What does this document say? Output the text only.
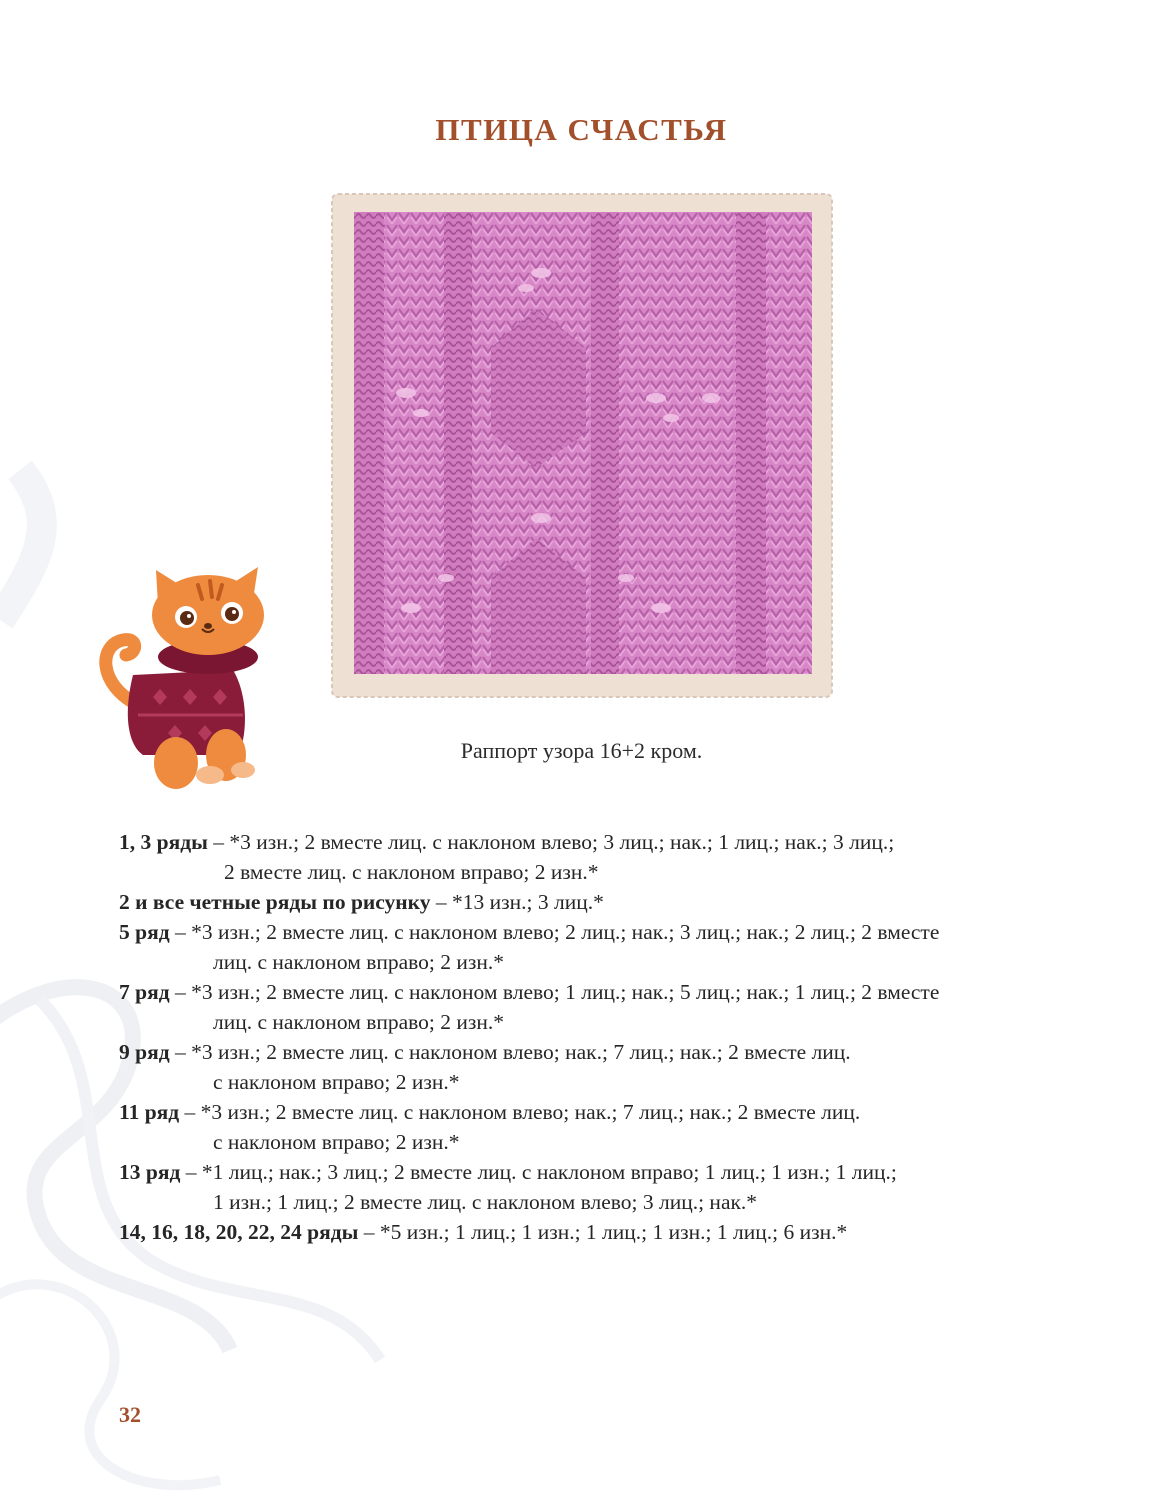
ПТИЦА СЧАСТЬЯ
Раппорт узора 16+2 кром.
1, 3 ряды – *3 изн.; 2 вместе лиц. с наклоном влево; 3 лиц.; нак.; 1 лиц.; нак.; 3 лиц.;
2 вместе лиц. с наклоном вправо; 2 изн.*
2 и все четные ряды по рисунку – *13 изн.; 3 лиц.*
5 ряд – *3 изн.; 2 вместе лиц. с наклоном влево; 2 лиц.; нак.; 3 лиц.; нак.; 2 лиц.; 2 вместе
лиц. с наклоном вправо; 2 изн.*
7 ряд – *3 изн.; 2 вместе лиц. с наклоном влево; 1 лиц.; нак.; 5 лиц.; нак.; 1 лиц.; 2 вместе
лиц. с наклоном вправо; 2 изн.*
9 ряд – *3 изн.; 2 вместе лиц. с наклоном влево; нак.; 7 лиц.; нак.; 2 вместе лиц.
с наклоном вправо; 2 изн.*
11 ряд – *3 изн.; 2 вместе лиц. с наклоном влево; нак.; 7 лиц.; нак.; 2 вместе лиц.
с наклоном вправо; 2 изн.*
13 ряд – *1 лиц.; нак.; 3 лиц.; 2 вместе лиц. с наклоном вправо; 1 лиц.; 1 изн.; 1 лиц.;
1 изн.; 1 лиц.; 2 вместе лиц. с наклоном влево; 3 лиц.; нак.*
14, 16, 18, 20, 22, 24 ряды – *5 изн.; 1 лиц.; 1 изн.; 1 лиц.; 1 изн.; 1 лиц.; 6 изн.*
32
